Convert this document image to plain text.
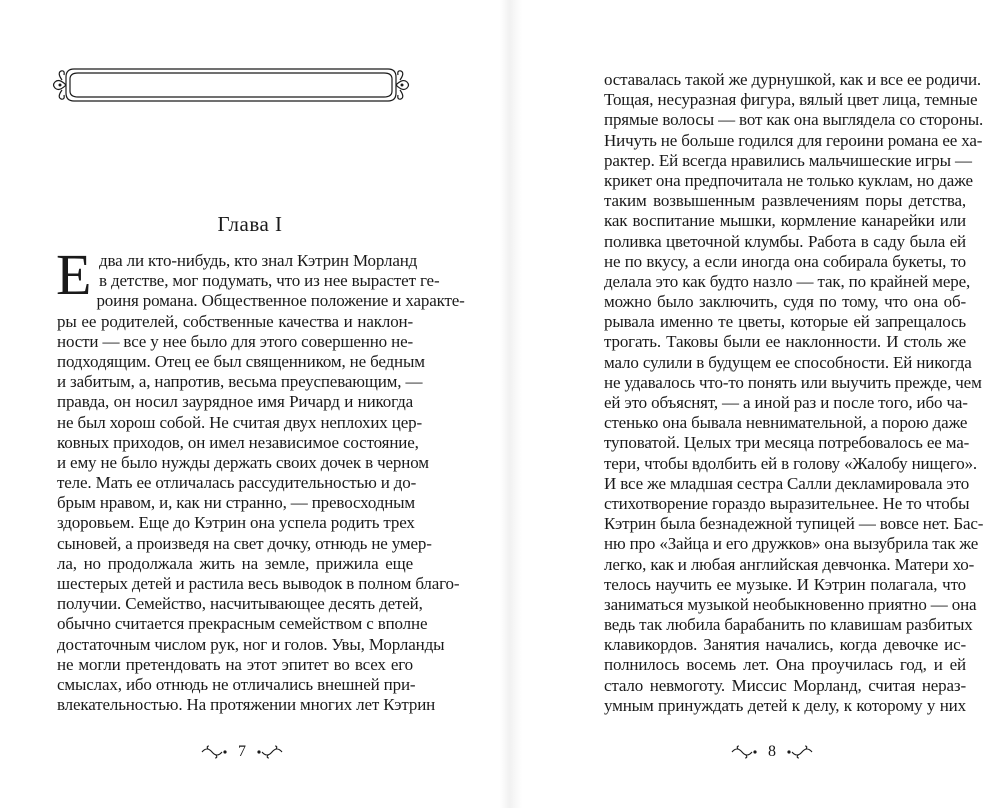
Глава I
Е два ли кто-нибудь, кто знал Кэтрин Морланд
в детстве, мог подумать, что из нее вырастет ге-
роиня романа. Общественное положение и характе-
ры ее родителей, собственные качества и наклон-
ности — все у нее было для этого совершенно не-
подходящим. Отец ее был священником, не бедным
и забитым, а, напротив, весьма преуспевающим, —
правда, он носил заурядное имя Ричард и никогда
не был хорош собой. Не считая двух неплохих цер-
ковных приходов, он имел независимое состояние,
и ему не было нужды держать своих дочек в черном
теле. Мать ее отличалась рассудительностью и до-
брым нравом, и, как ни странно, — превосходным
здоровьем. Еще до Кэтрин она успела родить трех
сыновей, а произведя на свет дочку, отнюдь не умер-
ла, но продолжала жить на земле, прижила еще
шестерых детей и растила весь выводок в полном благо-
получии. Семейство, насчитывающее десять детей,
обычно считается прекрасным семейством с вполне
достаточным числом рук, ног и голов. Увы, Морланды
не могли претендовать на этот эпитет во всех его
смыслах, ибо отнюдь не отличались внешней при-
влекательностью. На протяжении многих лет Кэтрин
7
оставалась такой же дурнушкой, как и все ее родичи.
Тощая, несуразная фигура, вялый цвет лица, темные
прямые волосы — вот как она выглядела со стороны.
Ничуть не больше годился для героини романа ее ха-
рактер. Ей всегда нравились мальчишеские игры —
крикет она предпочитала не только куклам, но даже
таким возвышенным развлечениям поры детства,
как воспитание мышки, кормление канарейки или
поливка цветочной клумбы. Работа в саду была ей
не по вкусу, а если иногда она собирала букеты, то
делала это как будто назло — так, по крайней мере,
можно было заключить, судя по тому, что она об-
рывала именно те цветы, которые ей запрещалось
трогать. Таковы были ее наклонности. И столь же
мало сулили в будущем ее способности. Ей никогда
не удавалось что-то понять или выучить прежде, чем
ей это объяснят, — а иной раз и после того, ибо ча-
стенько она бывала невнимательной, а порою даже
туповатой. Целых три месяца потребовалось ее ма-
тери, чтобы вдолбить ей в голову «Жалобу нищего».
И все же младшая сестра Салли декламировала это
стихотворение гораздо выразительнее. Не то чтобы
Кэтрин была безнадежной тупицей — вовсе нет. Бас-
ню про «Зайца и его дружков» она вызубрила так же
легко, как и любая английская девчонка. Матери хо-
телось научить ее музыке. И Кэтрин полагала, что
заниматься музыкой необыкновенно приятно — она
ведь так любила барабанить по клавишам разбитых
клавикордов. Занятия начались, когда девочке ис-
полнилось восемь лет. Она проучилась год, и ей
стало невмоготу. Миссис Морланд, считая нераз-
умным принуждать детей к делу, к которому у них
8
